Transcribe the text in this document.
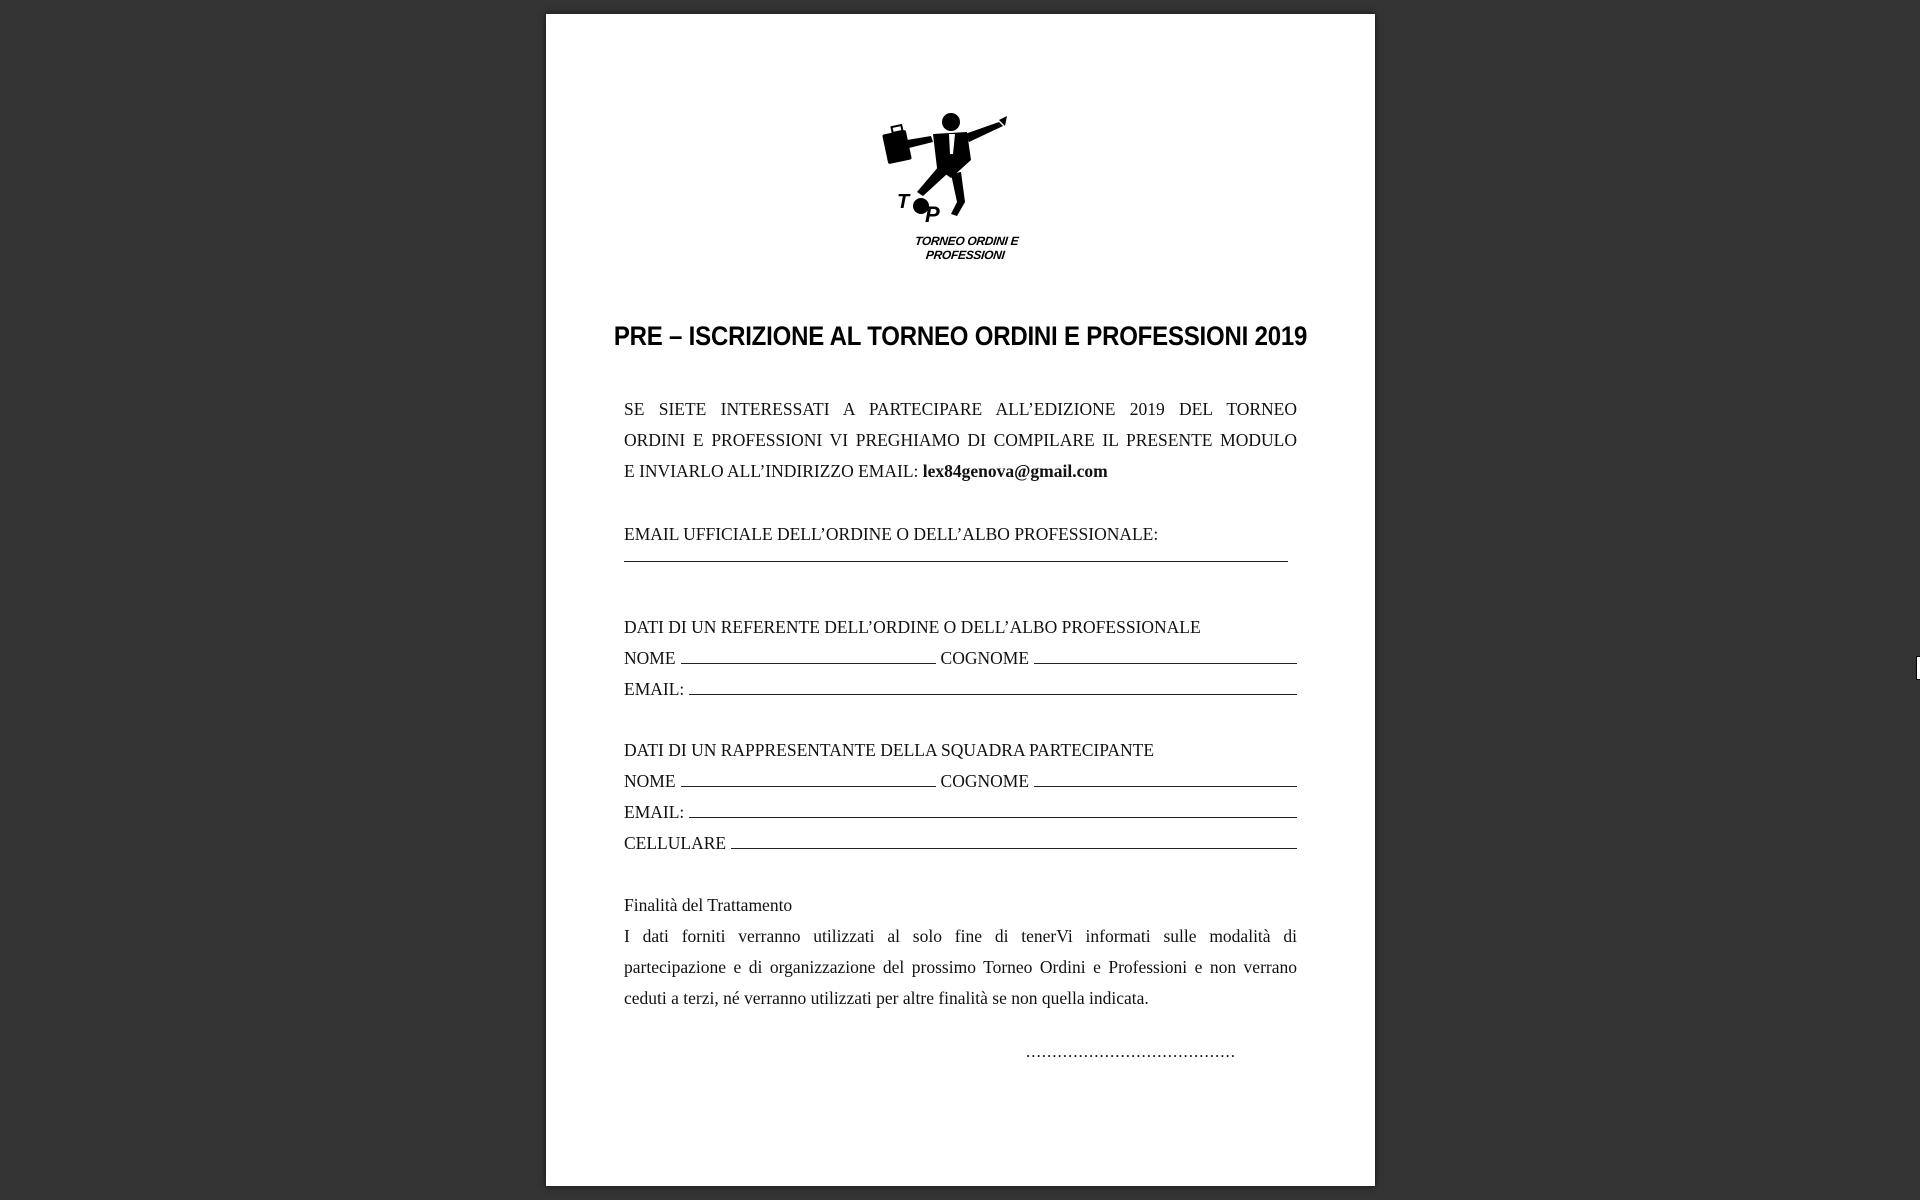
T P
TORNEO ORDINI E PROFESSIONI
PRE – ISCRIZIONE AL TORNEO ORDINI E PROFESSIONI 2019
SE SIETE INTERESSATI A PARTECIPARE ALL’EDIZIONE 2019 DEL TORNEO
ORDINI E PROFESSIONI VI PREGHIAMO DI COMPILARE IL PRESENTE MODULO
E INVIARLO ALL’INDIRIZZO EMAIL: lex84genova@gmail.com
EMAIL UFFICIALE DELL’ORDINE O DELL’ALBO PROFESSIONALE:
DATI DI UN REFERENTE DELL’ORDINE O DELL’ALBO PROFESSIONALE
NOME	COGNOME
EMAIL:
DATI DI UN RAPPRESENTANTE DELLA SQUADRA PARTECIPANTE
NOME	COGNOME
EMAIL:
CELLULARE
Finalità del Trattamento
I dati forniti verranno utilizzati al solo fine di tenerVi informati sulle modalità di
partecipazione e di organizzazione del prossimo Torneo Ordini e Professioni e non verrano
ceduti a terzi, né verranno utilizzati per altre finalità se non quella indicata.
........................................
